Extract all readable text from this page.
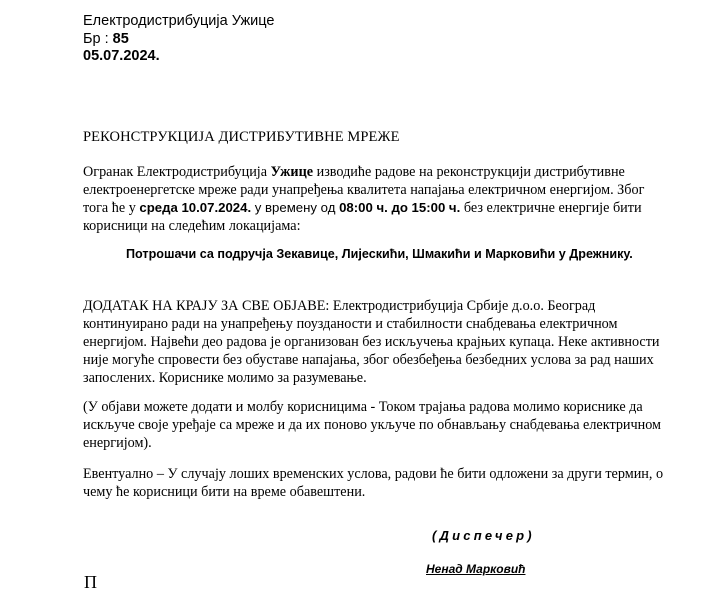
Електродистрибуција Ужице
Бр : 85
05.07.2024.
РЕКОНСТРУКЦИЈА ДИСТРИБУТИВНЕ МРЕЖЕ
Огранак Електродистрибуција Ужице изводиће радове на реконструкцији дистрибутивне
електроенергетске мреже ради унапређења квалитета напајања електричном енергијом. Због
тога ће у среда 10.07.2024. у времену од 08:00 ч. до 15:00 ч. без електричне енергије бити
корисници на следећим локацијама:
Потрошачи са подручја Зекавице, Лијескићи, Шмакићи и Марковићи у Дрежнику.
ДОДАТАК НА КРАЈУ ЗА СВЕ ОБЈАВЕ: Електродистрибуција Србије д.о.о. Београд
континуирано ради на унапређењу поузданости и стабилности снабдевања електричном
енергијом. Највећи део радова је организован без искључења крајњих купаца. Неке активности
није могуће спровести без обуставе напајања, због обезбеђења безбедних услова за рад наших
запослених. Кориснике молимо за разумевање.
(У објави можете додати и молбу корисницима - Током трајања радова молимо кориснике да
искључе своје уређаје са мреже и да их поново укључе по обнављању снабдевања електричном
енергијом).
Евентуално – У случају лоших временских услова, радови ће бити одложени за други термин, о
чему ће корисници бити на време обавештени.
(Диспечер)
Ненад Марковић
П
